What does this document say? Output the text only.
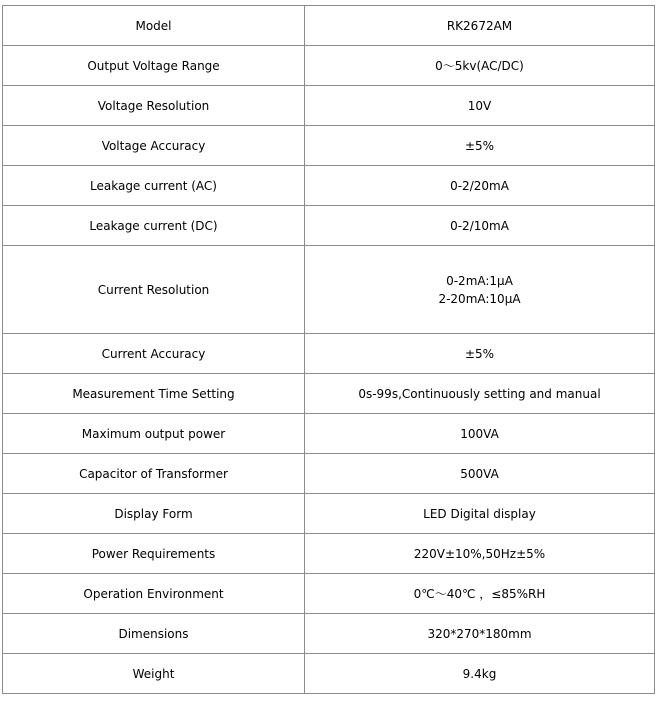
Model	RK2672AM
Output Voltage Range	0～5kv(AC/DC)
Voltage Resolution	10V
Voltage Accuracy	±5%
Leakage current (AC)	0-2/20mA
Leakage current (DC)	0-2/10mA
Current Resolution	0-2mA:1μA
2-20mA:10μA

Current Accuracy	±5%
Measurement Time Setting	0s-99s,Continuously setting and manual
Maximum output power	100VA
Capacitor of Transformer	500VA
Display Form	LED Digital display
Power Requirements	220V±10%,50Hz±5%
Operation Environment	0℃～40℃ ，≤85%RH
Dimensions	320*270*180mm
Weight	9.4kg
